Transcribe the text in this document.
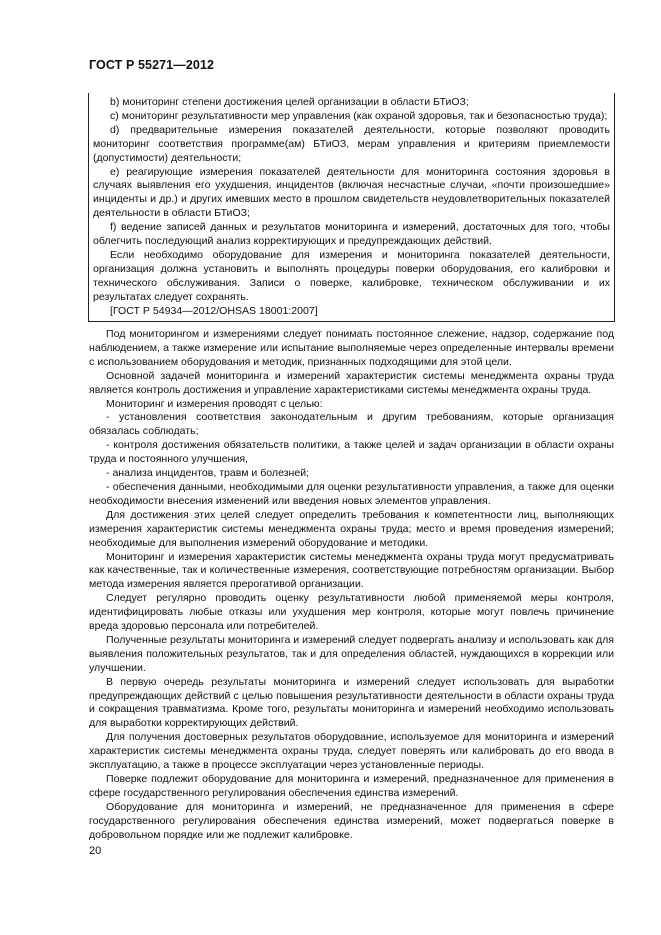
ГОСТ Р 55271—2012

b) мониторинг степени достижения целей организации в области БТиОЗ;

c) мониторинг результативности мер управления (как охраной здоровья, так и безопасностью труда);

d) предварительные измерения показателей деятельности, которые позволяют проводить мониторинг соответствия программе(ам) БТиОЗ, мерам управления и критериям приемлемости (допустимости) деятельности;

e) реагирующие измерения показателей деятельности для мониторинга состояния здоровья в случаях выявления его ухудшения, инцидентов (включая несчастные случаи, «почти произошедшие» инциденты и др.) и других имевших место в прошлом свидетельств неудовлетворительных показателей деятельности в области БТиОЗ;

f) ведение записей данных и результатов мониторинга и измерений, достаточных для того, чтобы облегчить последующий анализ корректирующих и предупреждающих действий.

Если необходимо оборудование для измерения и мониторинга показателей деятельности, организация должна установить и выполнять процедуры поверки оборудования, его калибровки и технического обслуживания. Записи о поверке, калибровке, техническом обслуживании и их результатах следует сохранять.

[ГОСТ Р 54934—2012/OHSAS 18001:2007]

Под мониторингом и измерениями следует понимать постоянное слежение, надзор, содержание под наблюдением, а также измерение или испытание выполняемые через определенные интервалы времени с использованием оборудования и методик, признанных подходящими для этой цели.

Основной задачей мониторинга и измерений характеристик системы менеджмента охраны труда является контроль достижения и управление характеристиками системы менеджмента охраны труда.

Мониторинг и измерения проводят с целью:

- установления соответствия законодательным и другим требованиям, которые организация обязалась соблюдать;

- контроля достижения обязательств политики, а также целей и задач организации в области охраны труда и постоянного улучшения,

- анализа инцидентов, травм и болезней;

- обеспечения данными, необходимыми для оценки результативности управления, а также для оценки необходимости внесения изменений или введения новых элементов управления.

Для достижения этих целей следует определить требования к компетентности лиц, выполняющих измерения характеристик системы менеджмента охраны труда; место и время проведения измерений; необходимые для выполнения измерений оборудование и методики.

Мониторинг и измерения характеристик системы менеджмента охраны труда могут предусматривать как качественные, так и количественные измерения, соответствующие потребностям организации. Выбор метода измерения является прерогативой организации.

Следует регулярно проводить оценку результативности любой применяемой меры контроля, идентифицировать любые отказы или ухудшения мер контроля, которые могут повлечь причинение вреда здоровью персонала или потребителей.

Полученные результаты мониторинга и измерений следует подвергать анализу и использовать как для выявления положительных результатов, так и для определения областей, нуждающихся в коррекции или улучшении.

В первую очередь результаты мониторинга и измерений следует использовать для выработки предупреждающих действий с целью повышения результативности деятельности в области охраны труда и сокращения травматизма. Кроме того, результаты мониторинга и измерений необходимо использовать для выработки корректирующих действий.

Для получения достоверных результатов оборудование, используемое для мониторинга и измерений характеристик системы менеджмента охраны труда, следует поверять или калибровать до его ввода в эксплуатацию, а также в процессе эксплуатации через установленные периоды.

Поверке подлежит оборудование для мониторинга и измерений, предназначенное для применения в сфере государственного регулирования обеспечения единства измерений.

Оборудование для мониторинга и измерений, не предназначенное для применения в сфере государственного регулирования обеспечения единства измерений, может подвергаться поверке в добровольном порядке или же подлежит калибровке.

20
